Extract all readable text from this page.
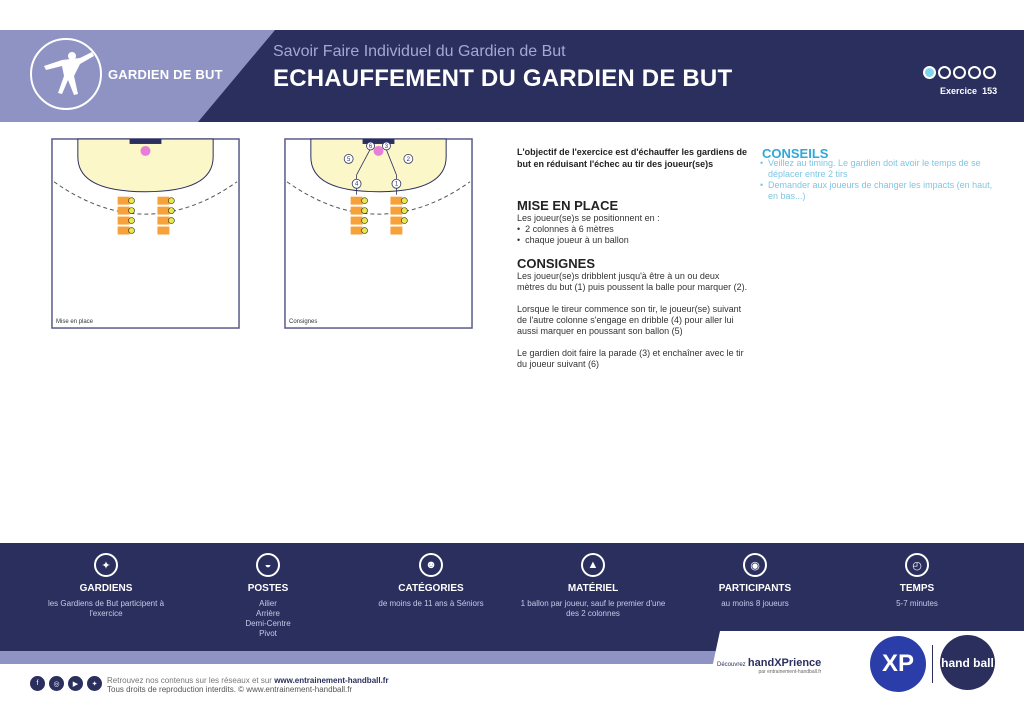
GARDIEN DE BUT
Savoir Faire Individuel du Gardien de But
ECHAUFFEMENT DU GARDIEN DE BUT	Exercice 153
Mise en place
5	2
4	1
6 3
Consignes
L'objectif de l'exercice est d'échauffer les gardiens de but en réduisant l'échec au tir des joueur(se)s
MISE EN PLACE
Les joueur(se)s se positionnent en :
•  2 colonnes à 6 mètres
•  chaque joueur à un ballon
CONSIGNES
Les joueur(se)s dribblent jusqu'à être à un ou deux mètres du but (1) puis poussent la balle pour marquer (2).
Lorsque le tireur commence son tir, le joueur(se) suivant de l'autre colonne s'engage en dribble (4) pour aller lui aussi marquer en poussant son ballon (5)
Le gardien doit faire la parade (3) et enchaîner avec le tir du joueur suivant (6)
CONSEILS
• Veillez au timing. Le gardien doit avoir le temps de se déplacer entre 2 tirs
• Demander aux joueurs de changer les impacts (en haut, en bas...)
✦
GARDIENS
les Gardiens de But participent à l'exercice
◒
POSTES
Ailier
Arrière
Demi-Centre
Pivot
☻
CATÉGORIES
de moins de 11 ans à Séniors
▲
MATÉRIEL
1 ballon par joueur, sauf le premier d'une des 2 colonnes
◉
PARTICIPANTS
au moins 8 joueurs
◴
TEMPS
5-7 minutes
Découvrez handXPrience
par entrainement-handball.fr	XP	hand ball
f	◎	▶	✦	Retrouvez nos contenus sur les réseaux et sur www.entrainement-handball.fr
Tous droits de reproduction interdits. © www.entrainement-handball.fr
